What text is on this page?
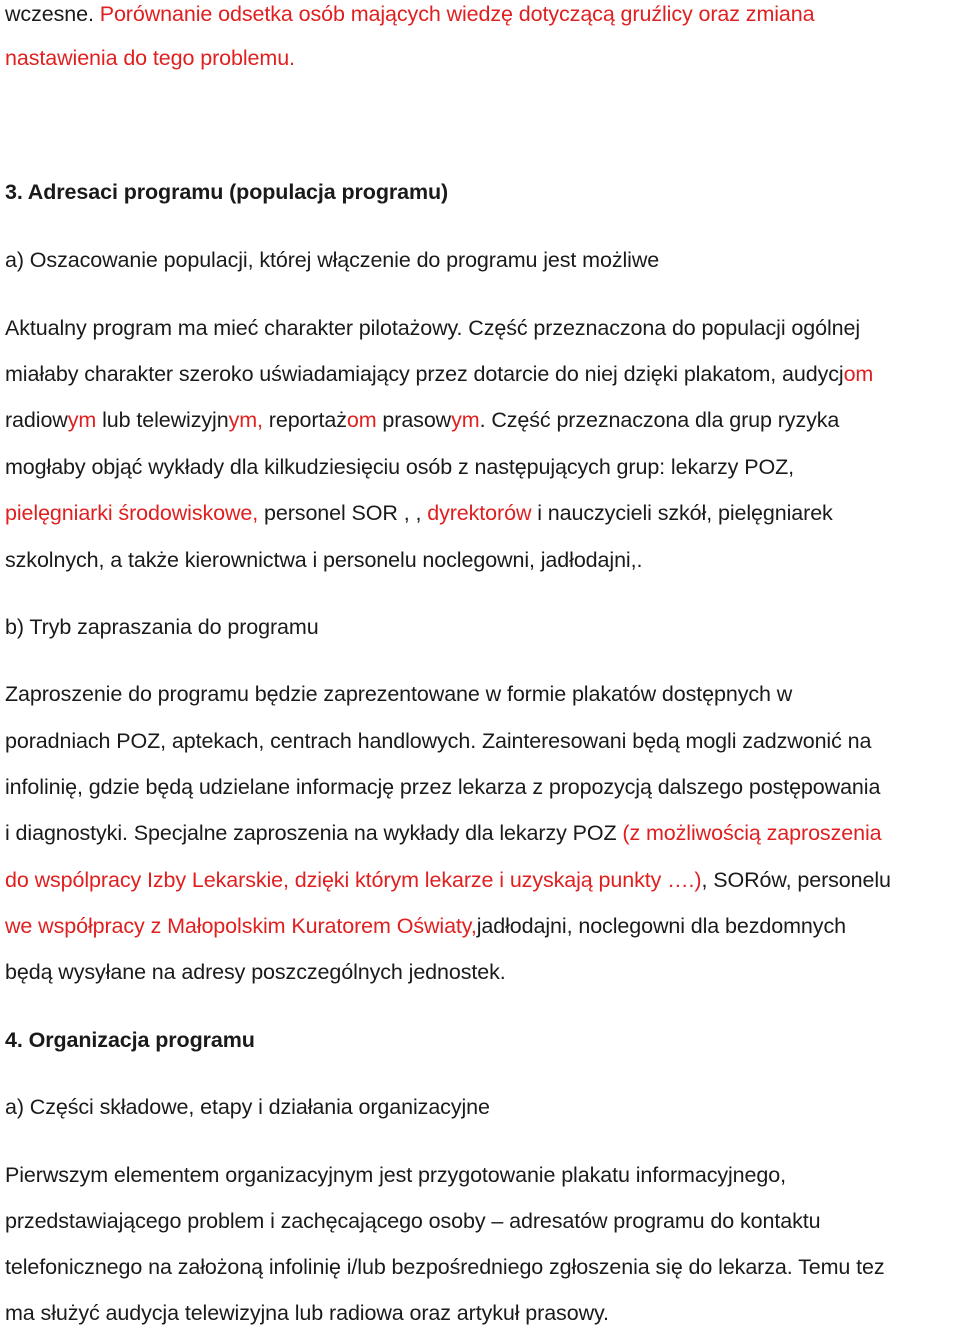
wczesne. Porównanie odsetka osób mających wiedzę dotyczącą gruźlicy oraz zmiana
nastawienia do tego problemu.
3. Adresaci programu (populacja programu)
a) Oszacowanie populacji, której włączenie do programu jest możliwe
Aktualny program ma mieć charakter pilotażowy. Część przeznaczona do populacji ogólnej
miałaby charakter szeroko uświadamiający przez dotarcie do niej dzięki plakatom, audycjom
radiowym lub telewizyjnym, reportażom prasowym. Część przeznaczona dla grup ryzyka
mogłaby objąć wykłady dla kilkudziesięciu osób z następujących grup: lekarzy POZ,
pielęgniarki środowiskowe, personel SOR , , dyrektorów i nauczycieli szkół, pielęgniarek
szkolnych, a także kierownictwa i personelu noclegowni, jadłodajni,.
b) Tryb zapraszania do programu
Zaproszenie do programu będzie zaprezentowane w formie plakatów dostępnych w
poradniach POZ, aptekach, centrach handlowych. Zainteresowani będą mogli zadzwonić na
infolinię, gdzie będą udzielane informację przez lekarza z propozycją dalszego postępowania
i diagnostyki. Specjalne zaproszenia na wykłady dla lekarzy POZ (z możliwością zaproszenia
do wspólpracy Izby Lekarskie, dzięki którym lekarze i uzyskają punkty ….), SORów, personelu
we współpracy z Małopolskim Kuratorem Oświaty,jadłodajni, noclegowni dla bezdomnych
będą wysyłane na adresy poszczególnych jednostek.
4. Organizacja programu
a) Części składowe, etapy i działania organizacyjne
Pierwszym elementem organizacyjnym jest przygotowanie plakatu informacyjnego,
przedstawiającego problem i zachęcającego osoby – adresatów programu do kontaktu
telefonicznego na założoną infolinię i/lub bezpośredniego zgłoszenia się do lekarza. Temu tez
ma służyć audycja telewizyjna lub radiowa oraz artykuł prasowy.
